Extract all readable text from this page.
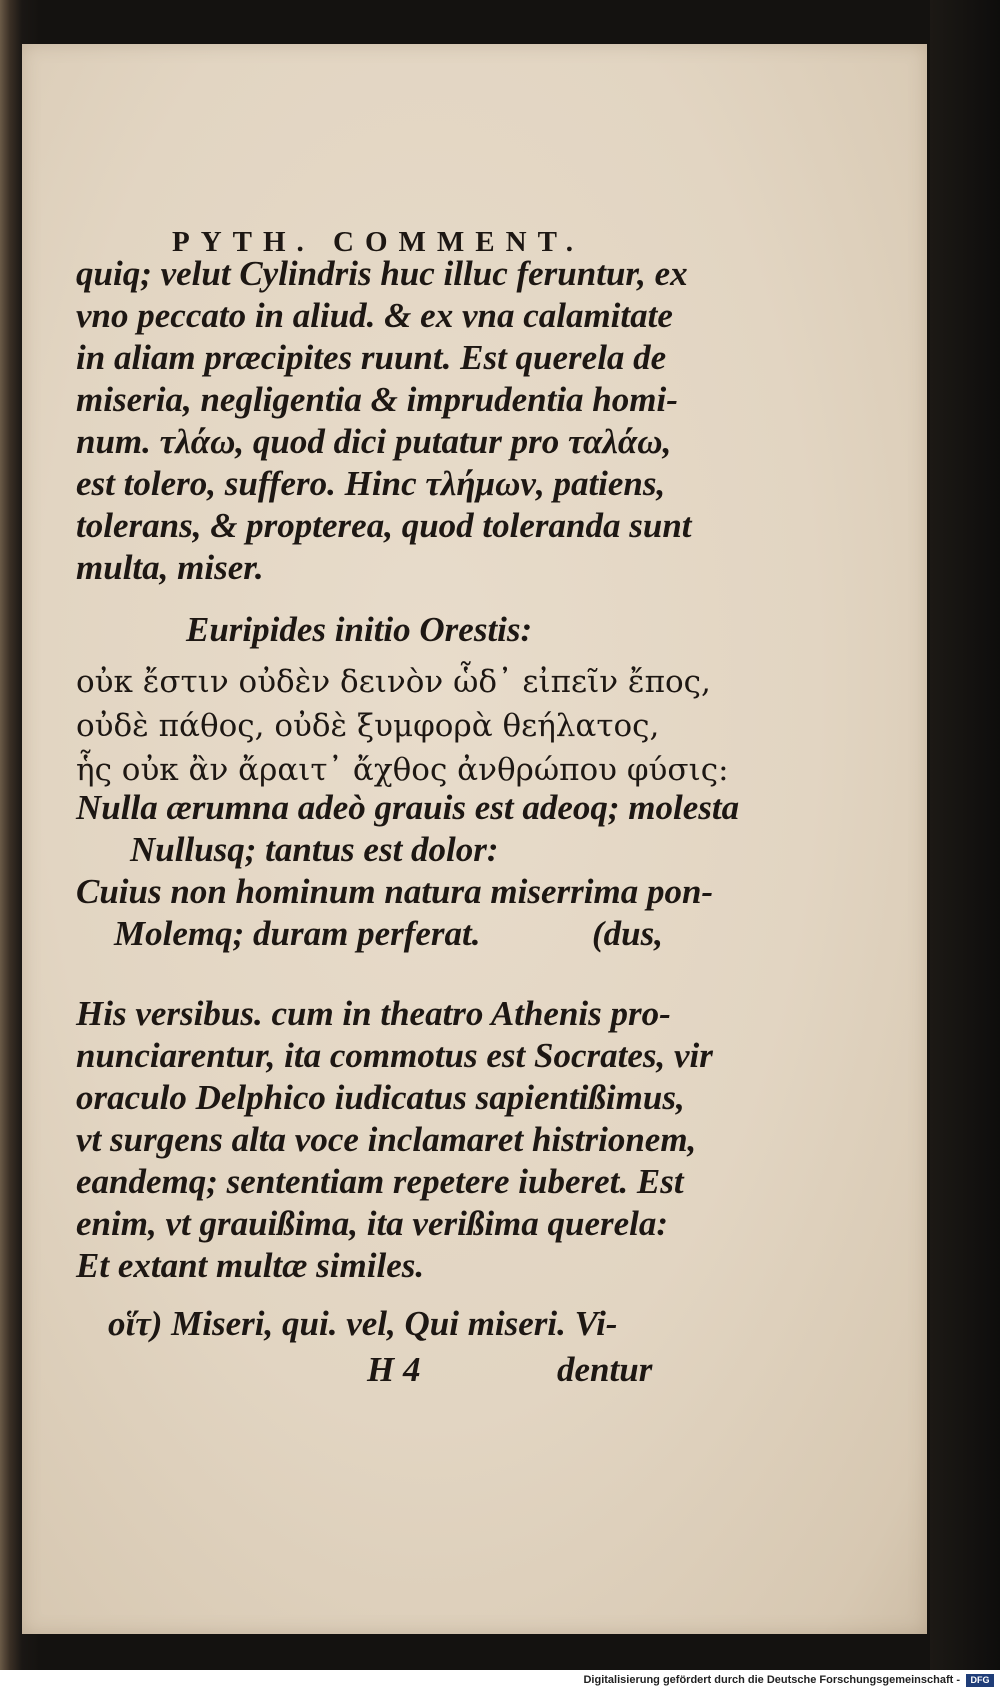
PYTH. COMMENT.
quiq; velut Cylindris huc illuc feruntur, ex
vno peccato in aliud. & ex vna calamitate
in aliam præcipites ruunt. Est querela de
miseria, negligentia & imprudentia homi-
num. τλάω, quod dici putatur pro ταλάω,
est tolero, suffero. Hinc τλήμων, patiens,
tolerans, & propterea, quod toleranda sunt
multa, miser.
Euripides initio Orestis:
οὐκ ἔστιν οὐδὲν δεινὸν ὧδ᾽ εἰπεῖν ἔπος,
οὐδὲ πάθος, οὐδὲ ξυμφορὰ θεήλατος,
ἧς οὐκ ἂν ἄραιτ᾽ ἄχθος ἀνθρώπου φύσις:
Nulla ærumna adeò grauis est adeoq; molesta
Nullusq; tantus est dolor:
Cuius non hominum natura miserrima pon-
Molemq; duram perferat.	(dus,
His versibus. cum in theatro Athenis pro-
nunciarentur, ita commotus est Socrates, vir
oraculo Delphico iudicatus sapientißimus,
vt surgens alta voce inclamaret histrionem,
eandemq; sententiam repetere iuberet. Est
enim, vt grauißima, ita verißima querela:
Et extant multæ similes.
οἵτ) Miseri, qui. vel, Qui miseri. Vi-
H 4	dentur
Digitalisierung gefördert durch die Deutsche Forschungsgemeinschaft -	DFG
